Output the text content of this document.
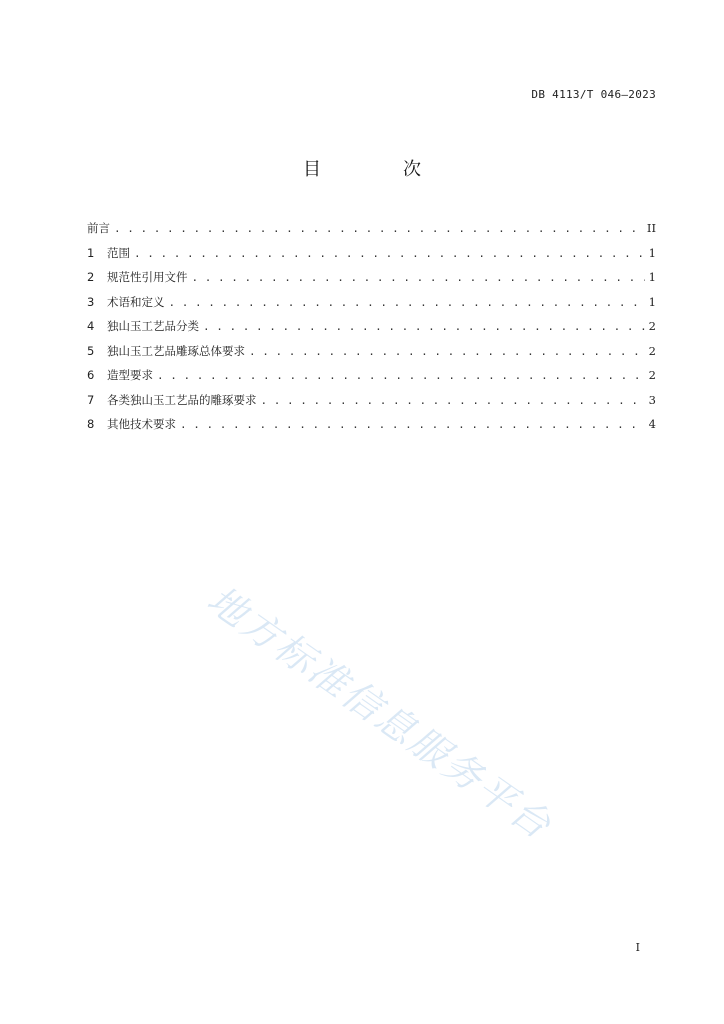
DB 4113/T 046—2023
目　次
前言 . . .	II
1	范围 . . .	1
2	规范性引用文件 . . .	1
3	术语和定义 . . .	1
4	独山玉工艺品分类 . . .	2
5	独山玉工艺品雕琢总体要求 . . .	2
6	造型要求 . . .	2
7	各类独山玉工艺品的雕琢要求 . . .	3
8	其他技术要求 . . .	4
地方标准信息服务平台
I
